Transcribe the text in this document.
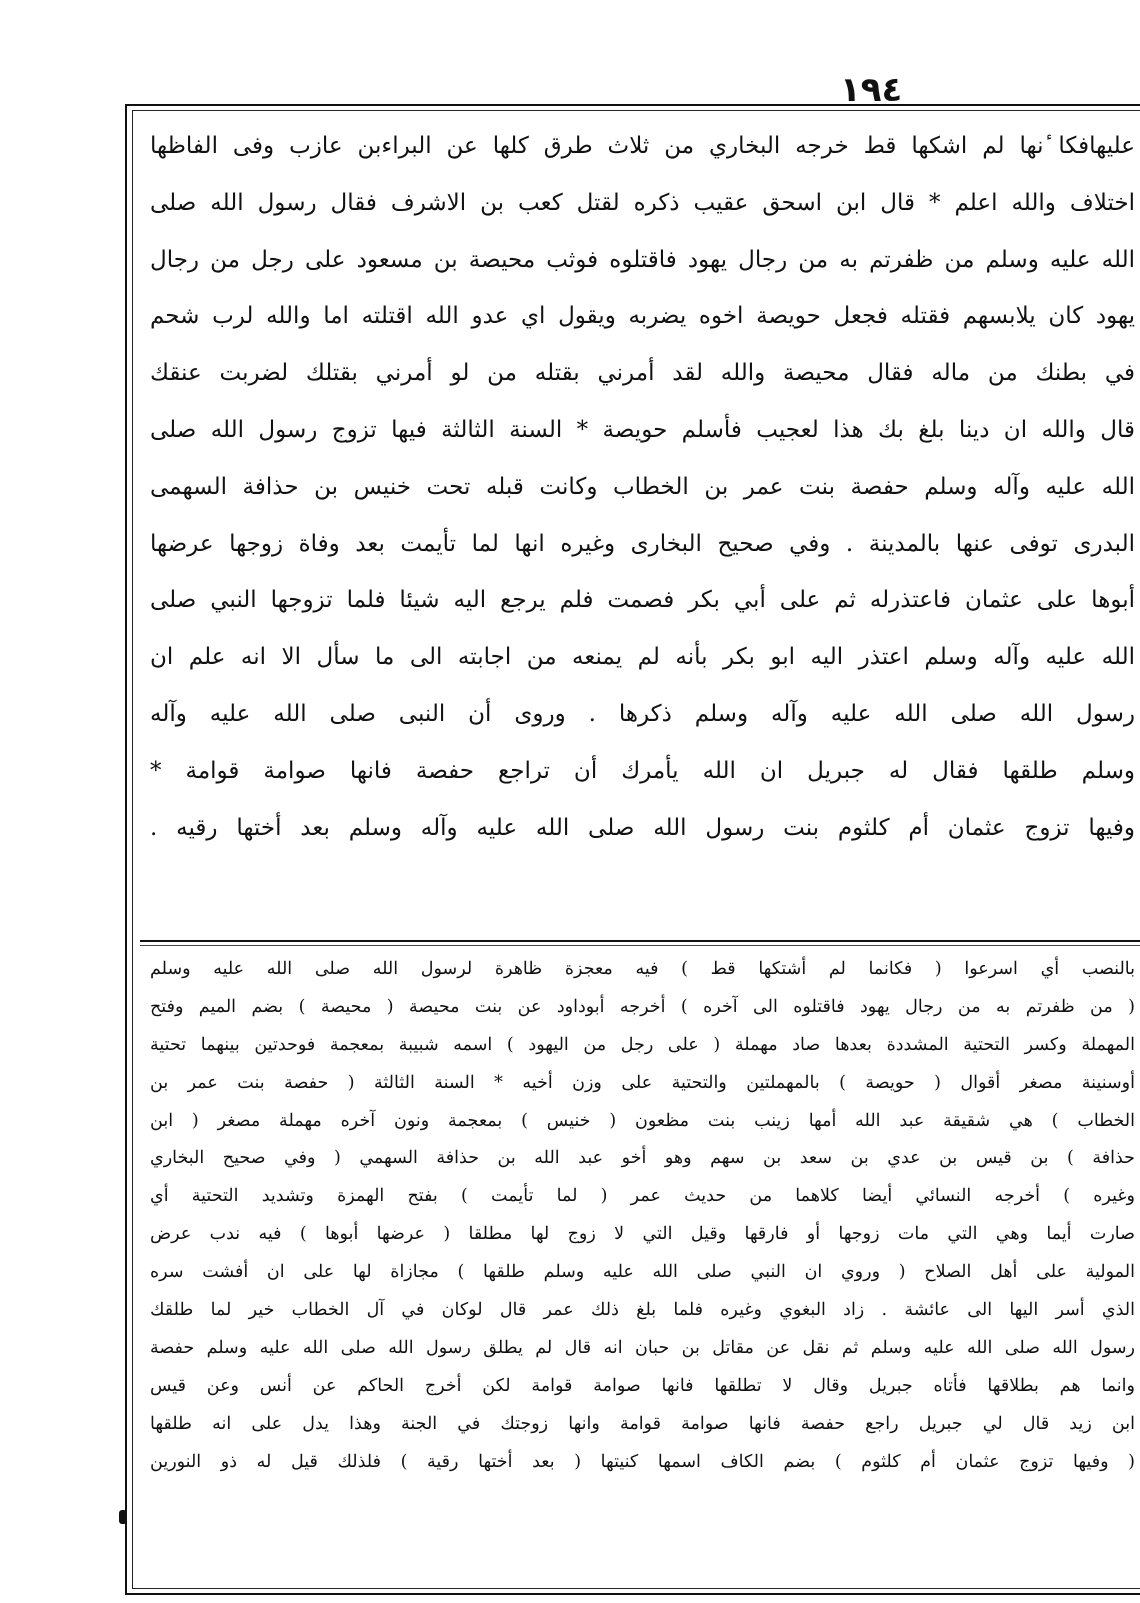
١٩٤
عليهافكا ٔنها لم اشكها قط خرجه البخاري من ثلاث طرق كلها عن البراءبن عازب وفى الفاظها
اختلاف والله اعلم * قال ابن اسحق عقيب ذكره لقتل كعب بن الاشرف فقال رسول الله صلى
الله عليه وسلم من ظفرتم به من رجال يهود فاقتلوه فوثب محيصة بن مسعود على رجل من رجال
يهود كان يلابسهم فقتله فجعل حويصة اخوه يضربه ويقول اي عدو الله اقتلته اما والله لرب شحم
في بطنك من ماله فقال محيصة والله لقد أمرني بقتله من لو أمرني بقتلك لضربت عنقك
قال والله ان دينا بلغ بك هذا لعجيب فأسلم حويصة * السنة الثالثة فيها تزوج رسول الله صلى
الله عليه وآله وسلم حفصة بنت عمر بن الخطاب وكانت قبله تحت خنيس بن حذافة السهمى
البدرى توفى عنها بالمدينة . وفي صحيح البخارى وغيره انها لما تأيمت بعد وفاة زوجها عرضها
أبوها على عثمان فاعتذرله ثم على أبي بكر فصمت فلم يرجع اليه شيئا فلما تزوجها النبي صلى
الله عليه وآله وسلم اعتذر اليه ابو بكر بأنه لم يمنعه من اجابته الى ما سأل الا انه علم ان
رسول الله صلى الله عليه وآله وسلم ذكرها . وروى أن النبى صلى الله عليه وآله
وسلم طلقها فقال له جبريل ان الله يأمرك أن تراجع حفصة فانها صوامة قوامة *
وفيها تزوج عثمان أم كلثوم بنت رسول الله صلى الله عليه وآله وسلم بعد أختها رقيه .
بالنصب أي اسرعوا ( فكانما لم أشتكها قط ) فيه معجزة ظاهرة لرسول الله صلى الله عليه وسلم
( من ظفرتم به من رجال يهود فاقتلوه الى آخره ) أخرجه أبوداود عن بنت محيصة ( محيصة ) بضم الميم وفتح
المهملة وكسر التحتية المشددة بعدها صاد مهملة ( على رجل من اليهود ) اسمه شبيبة بمعجمة فوحدتين بينهما تحتية
أوسنينة مصغر أقوال ( حويصة ) بالمهملتين والتحتية على وزن أخيه * السنة الثالثة ( حفصة بنت عمر بن
الخطاب ) هي شقيقة عبد الله أمها زينب بنت مظعون ( خنيس ) بمعجمة ونون آخره مهملة مصغر ( ابن
حذافة ) بن قيس بن عدي بن سعد بن سهم وهو أخو عبد الله بن حذافة السهمي ( وفي صحيح البخاري
وغيره ) أخرجه النسائي أيضا كلاهما من حديث عمر ( لما تأيمت ) بفتح الهمزة وتشديد التحتية أي
صارت أيما وهي التي مات زوجها أو فارقها وقيل التي لا زوج لها مطلقا ( عرضها أبوها ) فيه ندب عرض
المولية على أهل الصلاح ( وروي ان النبي صلى الله عليه وسلم طلقها ) مجازاة لها على ان أفشت سره
الذي أسر اليها الى عائشة . زاد البغوي وغيره فلما بلغ ذلك عمر قال لوكان في آل الخطاب خير لما طلقك
رسول الله صلى الله عليه وسلم ثم نقل عن مقاتل بن حبان انه قال لم يطلق رسول الله صلى الله عليه وسلم حفصة
وانما هم بطلاقها فأتاه جبريل وقال لا تطلقها فانها صوامة قوامة لكن أخرج الحاكم عن أنس وعن قيس
ابن زيد قال لي جبريل راجع حفصة فانها صوامة قوامة وانها زوجتك في الجنة وهذا يدل على انه طلقها
( وفيها تزوج عثمان أم كلثوم ) بضم الكاف اسمها كنيتها ( بعد أختها رقية ) فلذلك قيل له ذو النورين
